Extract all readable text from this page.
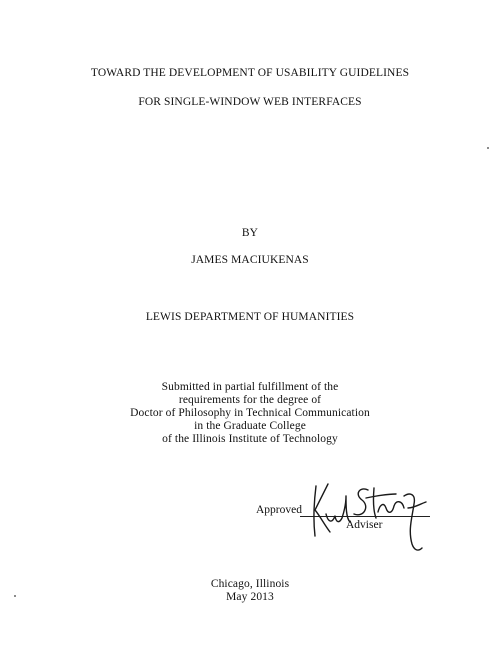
TOWARD THE DEVELOPMENT OF USABILITY GUIDELINES
FOR SINGLE-WINDOW WEB INTERFACES
BY
JAMES MACIUKENAS
LEWIS DEPARTMENT OF HUMANITIES
Submitted in partial fulfillment of the
requirements for the degree of
Doctor of Philosophy in Technical Communication
in the Graduate College
of the Illinois Institute of Technology
Approved
Adviser
Chicago, Illinois
May 2013
